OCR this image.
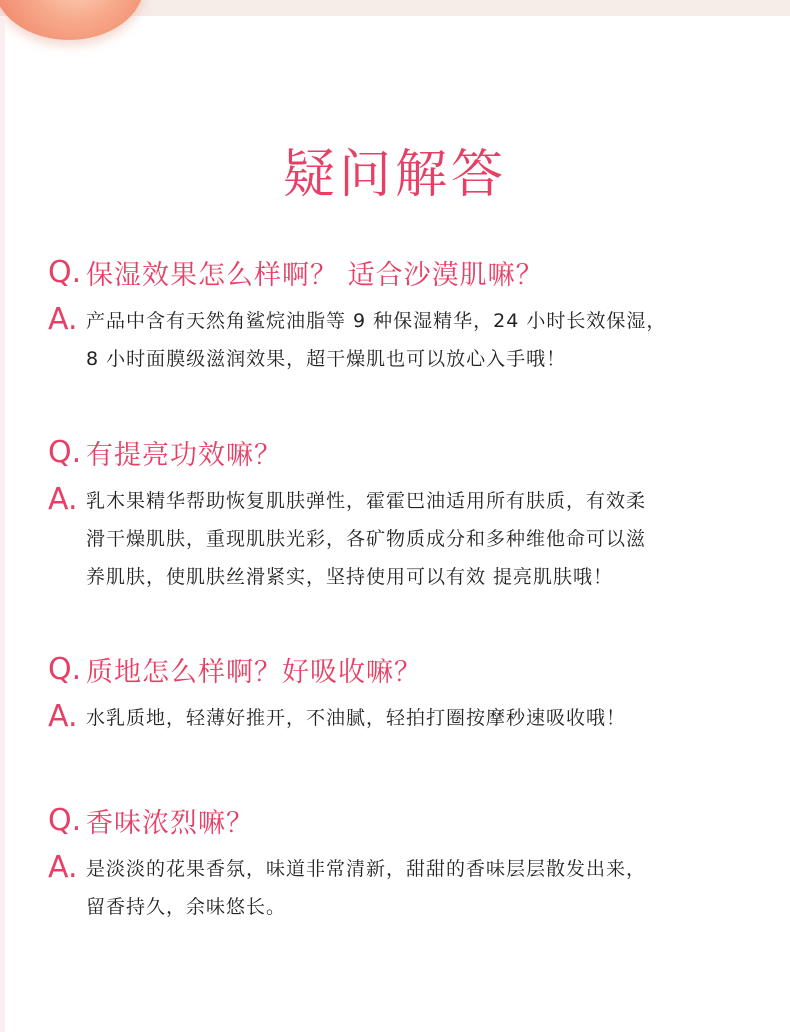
疑问解答
Q. 保湿效果怎么样啊？ 适合沙漠肌嘛？
A. 产品中含有天然角鲨烷油脂等 9 种保湿精华，24 小时长效保湿，
8 小时面膜级滋润效果，超干燥肌也可以放心入手哦！
Q. 有提亮功效嘛？
A. 乳木果精华帮助恢复肌肤弹性，霍霍巴油适用所有肤质，有效柔
滑干燥肌肤，重现肌肤光彩，各矿物质成分和多种维他命可以滋
养肌肤，使肌肤丝滑紧实，坚持使用可以有效 提亮肌肤哦！
Q. 质地怎么样啊？好吸收嘛？
A. 水乳质地，轻薄好推开，不油腻，轻拍打圈按摩秒速吸收哦！
Q. 香味浓烈嘛？
A. 是淡淡的花果香氛，味道非常清新，甜甜的香味层层散发出来，
留香持久，余味悠长。
